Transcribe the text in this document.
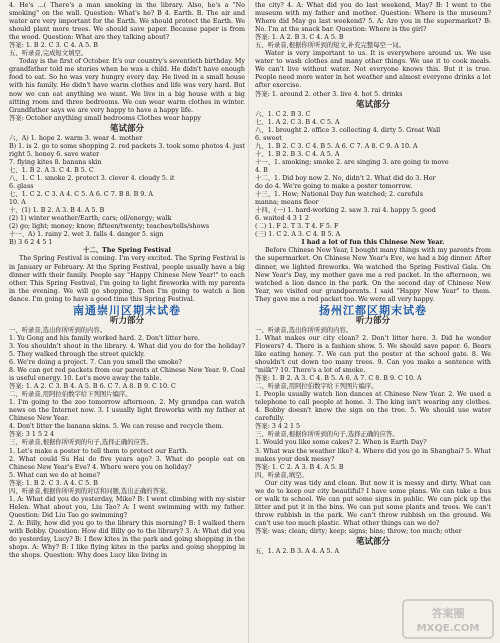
4. He's ...( There's a man smoking in the library. Also, he's a "No smoking" on the wall. Question: What's he? B 4. Earth. B. The air and water are very important for the Earth. We should protect the Earth. We should plant more trees. We should save paper. Because paper is from the wood. Question: What are they talking about?
答案: 1. B 2. C 3. C 4. A 5. B
五、听录音,完成短文填空。
Today is the first of October. It's our country's seventieth birthday. My grandfather told me stories when he was a child. He didn't have enough food to eat. So he was very hungry every day. He lived in a small house with his family. He didn't have warm clothes and life was very hard. But now we can eat anything we want. We live in a big house with a big sitting room and three bedrooms. We can wear warm clothes in winter. Grandfather says we are very happy to have a happy life.
答案: October anything small bedrooms Clothes wear happy
笔试部分
六、A) 1. hope 2. warm 3. wear 4. mother
B) 1. is 2. go to some shopping 2. red packets 3. took some photos 4. just right 5. honey 6. save water
7. flying kites 8. banana skin
七、1. B 2. A 3. C 4. B 5. C
八、1. C 1. smoke 2. protect 3. clever 4. cloudy 5. it
6. glass
七、1. C 2. C 3. A 4. C 5. A 6. C 7. B 8. B 9. A
10. A
十、(1) 1. B 2. A 3. B 4. A 5. B
(2) 1) winter weather/Earth; cars; oil/energy; walk
(2) go; light; money; know; fifteen/twenty; teaches/tells/shows
十一、A) 1. rainy 2. wet 3. falls 4. danger 5. sign
B) 3 6 2 4 5 1
十二、The Spring Festival
The Spring Festival is coming. I'm very excited. The Spring Festival is in January or February. At the Spring Festival, people usually have a big dinner with their family. People say "Happy Chinese New Year!" to each other. This Spring Festival, I'm going to light fireworks with my parents in the evening. We will go shopping. Then I'm going to watch a lion dance. I'm going to have a good time this Spring Festival.
南通崇川区期末试卷
听力部分
一、听录音,选出你所听到的内容。
1. Yu Gong and his family worked hard. 2. Don't litter here.
3. You shouldn't shout in the library. 4. What did you do for the holiday? 5. They walked through the street quickly.
6. We're doing a project. 7. Can you smell the smoke?
8. We can get red packets from our parents at Chinese New Year. 9. Coal is useful energy. 10. Let's move away the table.
答案: 1. A 2. C 3. B 4. A 5. B 6. C 7. A 8. B 9. C 10. C
二、听录音,用阿拉伯数字给下列图片编序。
1. I'm going to the zoo tomorrow afternoon. 2. My grandpa can watch news on the Internet now. 3. I usually light fireworks with my father at Chinese New Year.
4. Don't litter the banana skins. 5. We can reuse and recycle them.
答案: 3 1 5 2 4
三、听录音,根据你所听到的句子,选择正确的应答。
1. Let's make a poster to tell them to protect our Earth.
2. What could Su Hai do five years ago? 3. What do people eat on Chinese New Year's Eve? 4. Where were you on holiday?
5. What can we do at home?
答案: 1. B 2. C 3. A 4. C 5. B
四、听录音,根据你所听到的对话和问题,选出正确的答案。
1. A: What did you do yesterday, Mike? B: I went climbing with my sister Helen. What about you, Liu Tao? A: I went swimming with my father. Question: Did Liu Tao go swimming?
2. A: Billy, how did you go to the library this morning? B: I walked there with Bobby. Question: How did Billy go to the library? 3. A: What did you do yesterday, Lucy? B: I flew kites in the park and going shopping in the shops. A: Why? B: I like flying kites in the parks and going shopping in the shops. Question: Why does Lucy like living in
the city? 4. A: What did you do last weekend, May? B: I went to the museum with my father and mother. Question: Where is the museum? Where did May go last weekend? 5. A: Are you in the supermarket? B: No. I'm at the snack bar. Question: Where is the girl?
答案: 1. A 2. B 3. C 4. A 5. B
五、听录音,根据你所听到的短文,补充完整每空一词。
Water is very important to us. It is everywhere around us. We use water to wash clothes and many other things. We use it to cook meals. We can't live without water. Not everyone knows this. But it is true. People need more water in hot weather and almost everyone drinks a lot after exercise.
答案: 1. around 2. other 3. live 4. hot 5. drinks
笔试部分
六、1. C 2. B 3. C
七、1. A 2. C 3. B 4. C 5. A
八、1. brought 2. office 3. collecting 4. dirty 5. Great Wall
6. sweet
九、1. B 2. C 3. C 4. B 5. A 6. C 7. A 8. C 9. A 10. A
十、1. B 2. B 3. C 4. A 5. A
十一、1. smoking; smoke 2. are singing 3. are going to move
4. B
十二、1. Did boy now 2. No, didn't 2. What did do 3. Her
do do 4. We're going to make a poster tomorrow.
十三、1. How; National Day fun watched; 2. carefuls
manna; means floor
十四、(一) 1. hard-working 2. saw 3. rai 4. happy 5. good
6. waited 4 3 1 2
(二) 1. F 2. T 3. T 4. F 5. F
(三) 1. C 2. A 3. C 4. B 5. A
I had a lot of fun this Chinese New Year.
Before Chinese New Year, I bought many things with my parents from the supermarket. On Chinese New Year's Eve, we had a big dinner. After dinner, we lighted fireworks. We watched the Spring Festival Gala. On New Year's Day, my mother gave me a red packet. In the afternoon, we watched a lion dance in the park. On the second day of Chinese New Year, we visited our grandparents. I said "Happy New Year" to them. They gave me a red packet too. We were all very happy.
扬州江都区期末试卷
听力部分
一、听录音,选出你所听到的内容。
1. What makes our city clean? 2. Don't litter here. 3. Did he wonder Flowers? 4. There is a fashion show. 5. We should save paper. 6. Bears like eating honey. 7. We can put the poster at the school gate. 8. We shouldn't cut down too many trees. 9. Can you make a sentence with "milk"? 10. There's a lot of smoke.
答案: 1. B 2. A 3. C 4. B 5. A 6. A 7. C 8. B 9. C 10. A
二、听录音,用阿拉伯数字给下列图片编序。
1. People usually watch lion dances at Chinese New Year. 2. We used a telephone to call people at home. 3. The king isn't wearing any clothes. 4. Bobby doesn't know the sign on the tree. 5. We should use water carefully.
答案: 3 4 2 1 5
三、听录音,根据你所听到的句子,选择正确的应答。
1. Would you like some cakes? 2. When is Earth Day?
3. What was the weather like? 4. Where did you go in Shanghai? 5. What makes your desk messy?
答案: 1. C 2. A 3. B 4. A 5. B
四、听录音,填空。
Our city was tidy and clean. But now it is messy and dirty. What can we do to keep our city beautiful? I have some plans. We can take a bus or walk to school. We can put some signs in public. We can pick up the litter and put it in the bins. We can put some plants and trees. We can't throw rubbish in the park. We can't throw rubbish on the ground. We can't use too much plastic. What other things can we do?
答案: was; clean; dirty; keep; signs; bins; throw; too much; other
笔试部分
五、1. A 2. B 3. A 4. A 5. A
答案圈
MXQE.COM
